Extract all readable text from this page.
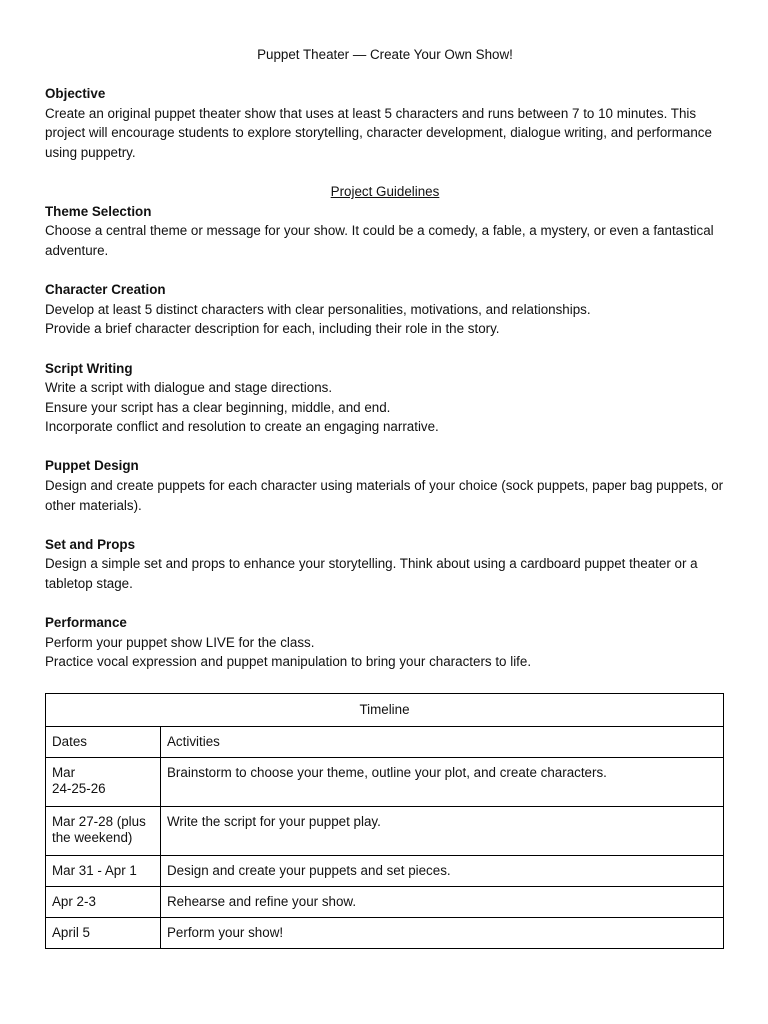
Puppet Theater — Create Your Own Show!

Objective

Create an original puppet theater show that uses at least 5 characters and runs between 7 to 10 minutes. This project will encourage students to explore storytelling, character development, dialogue writing, and performance using puppetry.

Project Guidelines

Theme Selection

Choose a central theme or message for your show. It could be a comedy, a fable, a mystery, or even a fantastical adventure.

Character Creation

Develop at least 5 distinct characters with clear personalities, motivations, and relationships.

Provide a brief character description for each, including their role in the story.

Script Writing

Write a script with dialogue and stage directions.

Ensure your script has a clear beginning, middle, and end.

Incorporate conflict and resolution to create an engaging narrative.

Puppet Design

Design and create puppets for each character using materials of your choice (sock puppets, paper bag puppets, or other materials).

Set and Props

Design a simple set and props to enhance your storytelling. Think about using a cardboard puppet theater or a tabletop stage.

Performance

Perform your puppet show LIVE for the class.

Practice vocal expression and puppet manipulation to bring your characters to life.

Timeline	
Dates	Activities
Mar
24-25-26	Brainstorm to choose your theme, outline your plot, and create characters.
Mar 27-28 (plus the weekend)	Write the script for your puppet play.
Mar 31 - Apr 1	Design and create your puppets and set pieces.
Apr 2-3	Rehearse and refine your show.
April 5	Perform your show!
